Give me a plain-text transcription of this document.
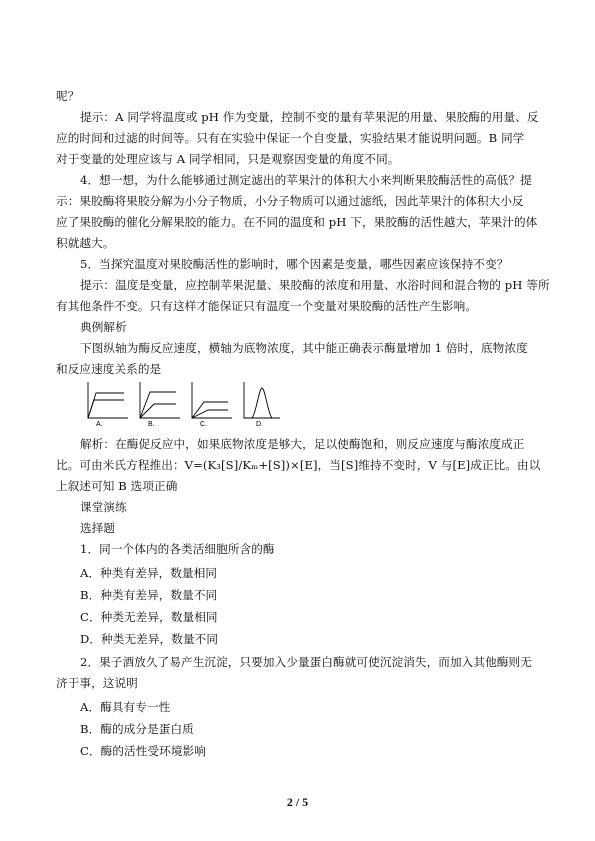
呢？
提示：A 同学将温度或 pH 作为变量，控制不变的量有苹果泥的用量、果胶酶的用量、反
应的时间和过滤的时间等。只有在实验中保证一个自变量，实验结果才能说明问题。B 同学
对于变量的处理应该与 A 同学相同，只是观察因变量的角度不同。
4．想一想，为什么能够通过测定滤出的苹果汁的体积大小来判断果胶酶活性的高低？提
示：果胶酶将果胶分解为小分子物质，小分子物质可以通过滤纸，因此苹果汁的体积大小反
应了果胶酶的催化分解果胶的能力。在不同的温度和 pH 下，果胶酶的活性越大，苹果汁的体
积就越大。
5．当探究温度对果胶酶活性的影响时，哪个因素是变量，哪些因素应该保持不变？
提示：温度是变量，应控制苹果泥量、果胶酶的浓度和用量、水浴时间和混合物的 pH 等所
有其他条件不变。只有这样才能保证只有温度一个变量对果胶酶的活性产生影响。
典例解析
下图纵轴为酶反应速度，横轴为底物浓度，其中能正确表示酶量增加 1 倍时，底物浓度
和反应速度关系的是
A.	B.	C.	D.
解析：在酶促反应中，如果底物浓度是够大，足以使酶饱和，则反应速度与酶浓度成正
比。可由米氏方程推出：V=(K₃[S]/Kₘ+[S])×[E]，当[S]维持不变时，V 与[E]成正比。由以
上叙述可知 B 选项正确
课堂演练
选择题
1．同一个体内的各类活细胞所含的酶
A．种类有差异，数量相同
B．种类有差异，数量不同
C．种类无差异，数量相同
D．种类无差异，数量不同
2．果子酒放久了易产生沉淀，只要加入少量蛋白酶就可使沉淀消失，而加入其他酶则无
济于事，这说明
A．酶具有专一性
B．酶的成分是蛋白质
C．酶的活性受环境影响
2 / 5
